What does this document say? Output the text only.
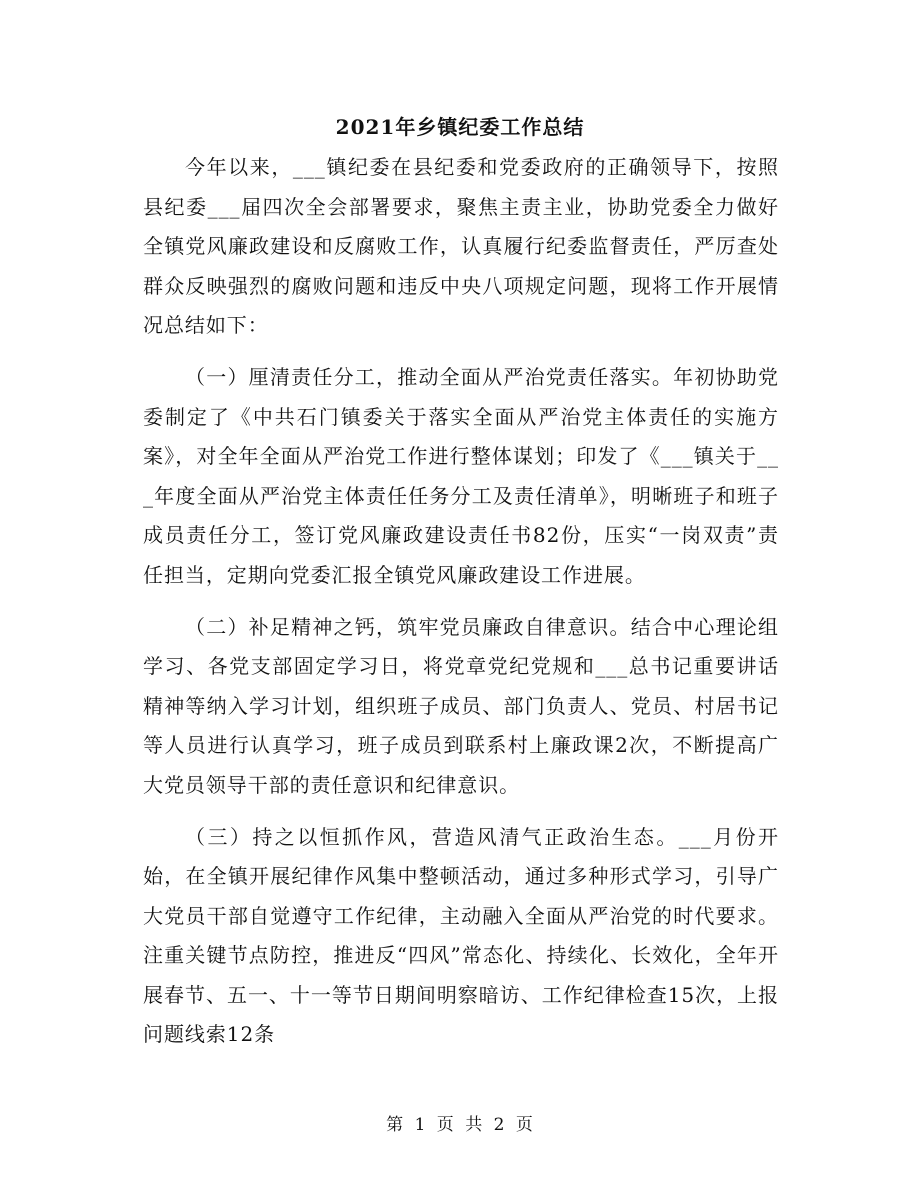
2021年乡镇纪委工作总结

今年以来，___镇纪委在县纪委和党委政府的正确领导下，按照县纪委___届四次全会部署要求，聚焦主责主业，协助党委全力做好全镇党风廉政建设和反腐败工作，认真履行纪委监督责任，严厉查处群众反映强烈的腐败问题和违反中央八项规定问题，现将工作开展情况总结如下：

（一）厘清责任分工，推动全面从严治党责任落实。年初协助党委制定了《中共石门镇委关于落实全面从严治党主体责任的实施方案》，对全年全面从严治党工作进行整体谋划；印发了《___镇关于___年度全面从严治党主体责任任务分工及责任清单》，明晰班子和班子成员责任分工，签订党风廉政建设责任书82份，压实“一岗双责”责任担当，定期向党委汇报全镇党风廉政建设工作进展。

（二）补足精神之钙，筑牢党员廉政自律意识。结合中心理论组学习、各党支部固定学习日，将党章党纪党规和___总书记重要讲话精神等纳入学习计划，组织班子成员、部门负责人、党员、村居书记等人员进行认真学习，班子成员到联系村上廉政课2次，不断提高广大党员领导干部的责任意识和纪律意识。

（三）持之以恒抓作风，营造风清气正政治生态。___月份开始，在全镇开展纪律作风集中整顿活动，通过多种形式学习，引导广大党员干部自觉遵守工作纪律，主动融入全面从严治党的时代要求。注重关键节点防控，推进反“四风”常态化、持续化、长效化，全年开展春节、五一、十一等节日期间明察暗访、工作纪律检查15次，上报问题线索12条

第 1 页 共 2 页
